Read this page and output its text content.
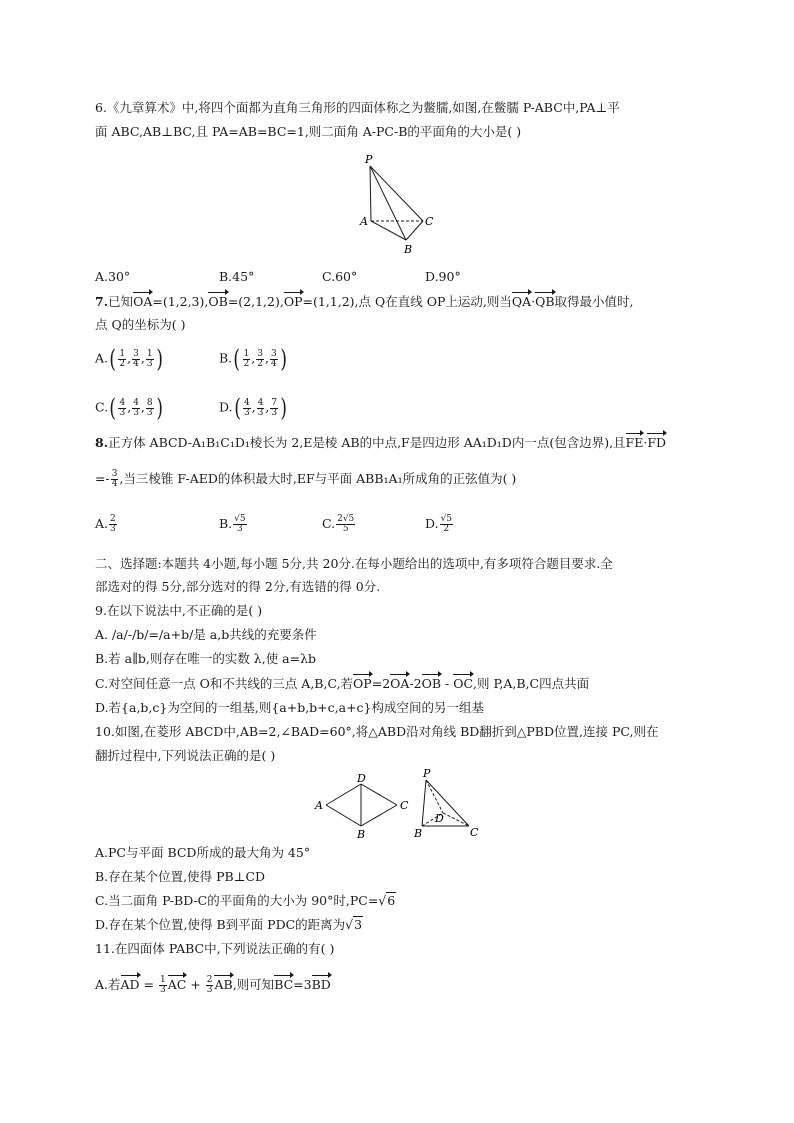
6.《九章算术》中,将四个面都为直角三角形的四面体称之为鳖臑,如图,在鳖臑 P-ABC中,PA⊥平
面 ABC,AB⊥BC,且 PA=AB=BC=1,则二面角 A-PC-B的平面角的大小是( )
P
A
B
C
A.30°	B.45°	C.60°	D.90°
7.已知OA=(1,2,3),OB=(2,1,2),OP=(1,1,2),点 Q在直线 OP上运动,则当QA·QB取得最小值时,
点 Q的坐标为( )
$A.( \frac{1}{2}$ , $\frac{3}{4}$ , $\frac{1}{3}$ )	$B.( \frac{1}{2}$ , $\frac{3}{2}$ , $\frac{3}{4}$ )
$C.( \frac{4}{3}$ , $\frac{4}{3}$ , $\frac{8}{3}$ )	$D.( \frac{4}{3}$ , $\frac{4}{3}$ , $\frac{7}{3}$ )
8.正方体 ABCD-A₁B₁C₁D₁棱长为 2,E是棱 AB的中点,F是四边形 AA₁D₁D内一点(包含边界),且FE·FD
=- $\frac{3}{4}$ ,当三棱锥 F-AED的体积最大时,EF与平面 ABB₁A₁所成角的正弦值为( )
A. $\frac{2}{3}$	B. $\frac{√5}{3}$	C. $\frac{2√5}{5}$	D. $\frac{√5}{2}$
二、选择题:本题共 4小题,每小题 5分,共 20分.在每小题给出的选项中,有多项符合题目要求.全
部选对的得 5分,部分选对的得 2分,有选错的得 0分.
9.在以下说法中,不正确的是( )
A. /a/-/b/=/a+b/是 a,b共线的充要条件
B.若 a∥b,则存在唯一的实数 λ,使 a=λb
C.对空间任意一点 O和不共线的三点 A,B,C,若OP=2OA-2OB - OC,则 P,A,B,C四点共面
D.若{a,b,c}为空间的一组基,则{a+b,b+c,a+c}构成空间的另一组基
10.如图,在菱形 ABCD中,AB=2,∠BAD=60°,将△ABD沿对角线 BD翻折到△PBD位置,连接 PC,则在
翻折过程中,下列说法正确的是( )
A
D
C
B
P
B	C
D
A.PC与平面 BCD所成的最大角为 45°
B.存在某个位置,使得 PB⊥CD
C.当二面角 P-BD-C的平面角的大小为 90°时,PC=√6
D.存在某个位置,使得 B到平面 PDC的距离为√3
11.在四面体 PABC中,下列说法正确的有( )
A.若AD = $\frac{1}{3}$ AC + $\frac{2}{3}$ AB,则可知BC=3BD
